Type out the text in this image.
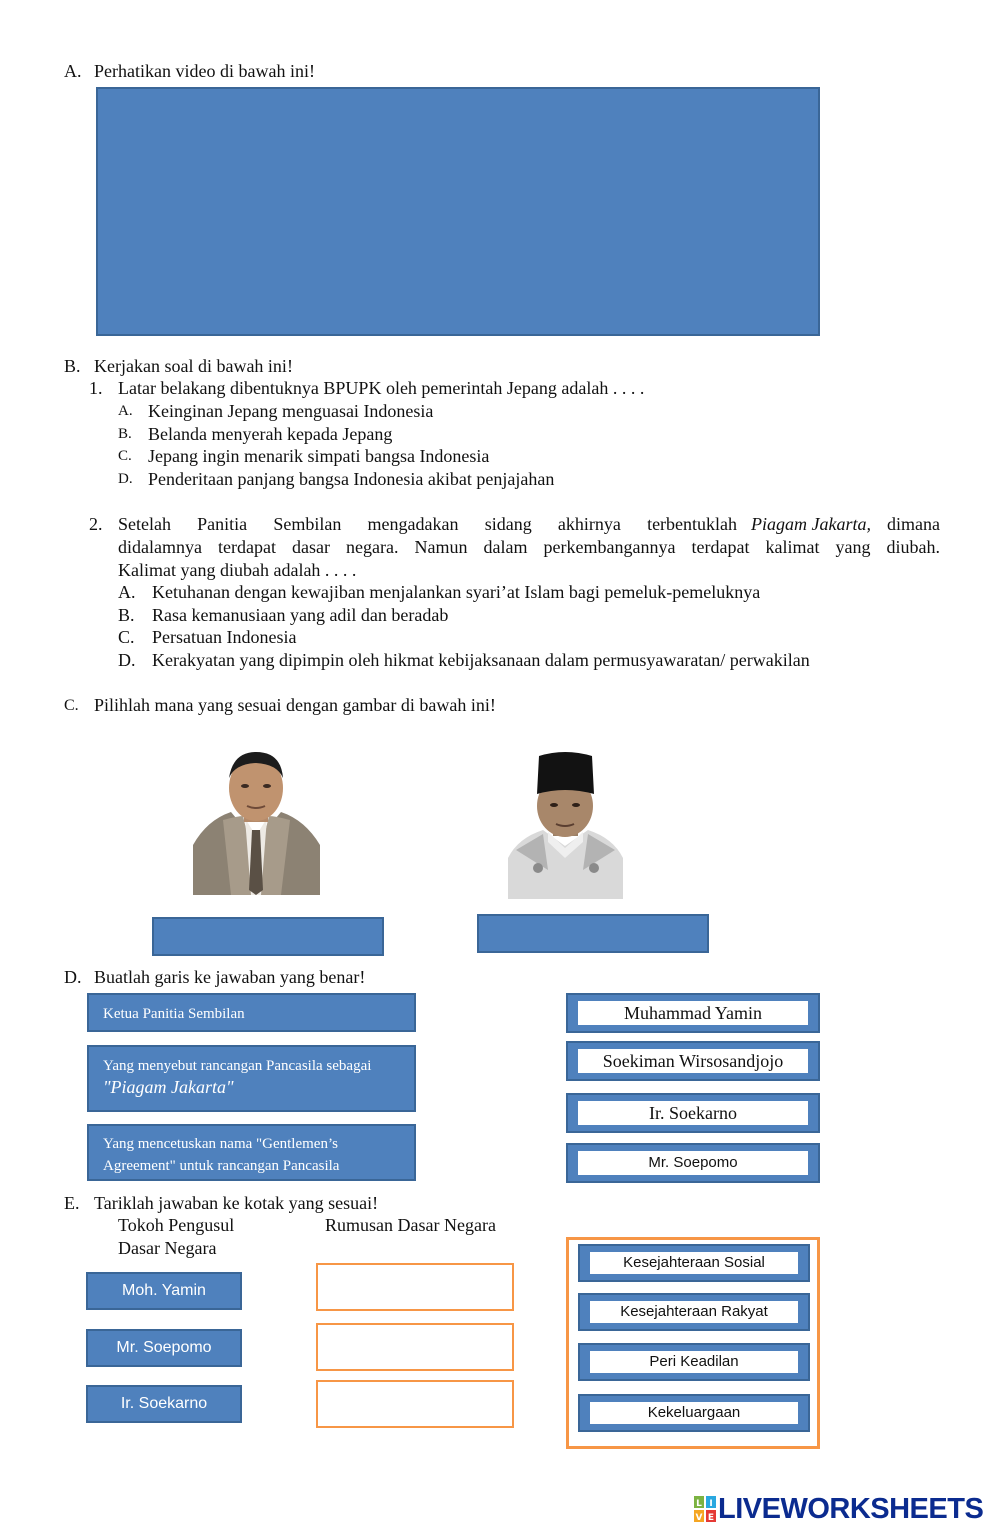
A. Perhatikan video di bawah ini!
B. Kerjakan soal di bawah ini!
1. Latar belakang dibentuknya BPUPK oleh pemerintah Jepang adalah . . . .
A. Keinginan Jepang menguasai Indonesia
B. Belanda menyerah kepada Jepang
C. Jepang ingin menarik simpati bangsa Indonesia
D. Penderitaan panjang bangsa Indonesia akibat penjajahan
2. Setelah Panitia Sembilan mengadakan sidang akhirnya terbentuklah Piagam Jakarta, dimana
didalamnya terdapat dasar negara. Namun dalam perkembangannya terdapat kalimat yang diubah.
Kalimat yang diubah adalah . . . .
A. Ketuhanan dengan kewajiban menjalankan syari’at Islam bagi pemeluk-pemeluknya
B. Rasa kemanusiaan yang adil dan beradab
C. Persatuan Indonesia
D. Kerakyatan yang dipimpin oleh hikmat kebijaksanaan dalam permusyawaratan/ perwakilan
C. Pilihlah mana yang sesuai dengan gambar di bawah ini!
D. Buatlah garis ke jawaban yang benar!
Ketua Panitia Sembilan
Yang menyebut rancangan Pancasila sebagai
"Piagam Jakarta"
Yang mencetuskan nama "Gentlemen’s
Agreement" untuk rancangan Pancasila
Muhammad Yamin
Soekiman Wirsosandjojo
Ir. Soekarno
Mr. Soepomo
E. Tariklah jawaban ke kotak yang sesuai!
Tokoh Pengusul
Dasar Negara
Rumusan Dasar Negara
Moh. Yamin
Mr. Soepomo
Ir. Soekarno
Kesejahteraan Sosial
Kesejahteraan Rakyat
Peri Keadilan
Kekeluargaan
L I
V E LIVEWORKSHEETS
